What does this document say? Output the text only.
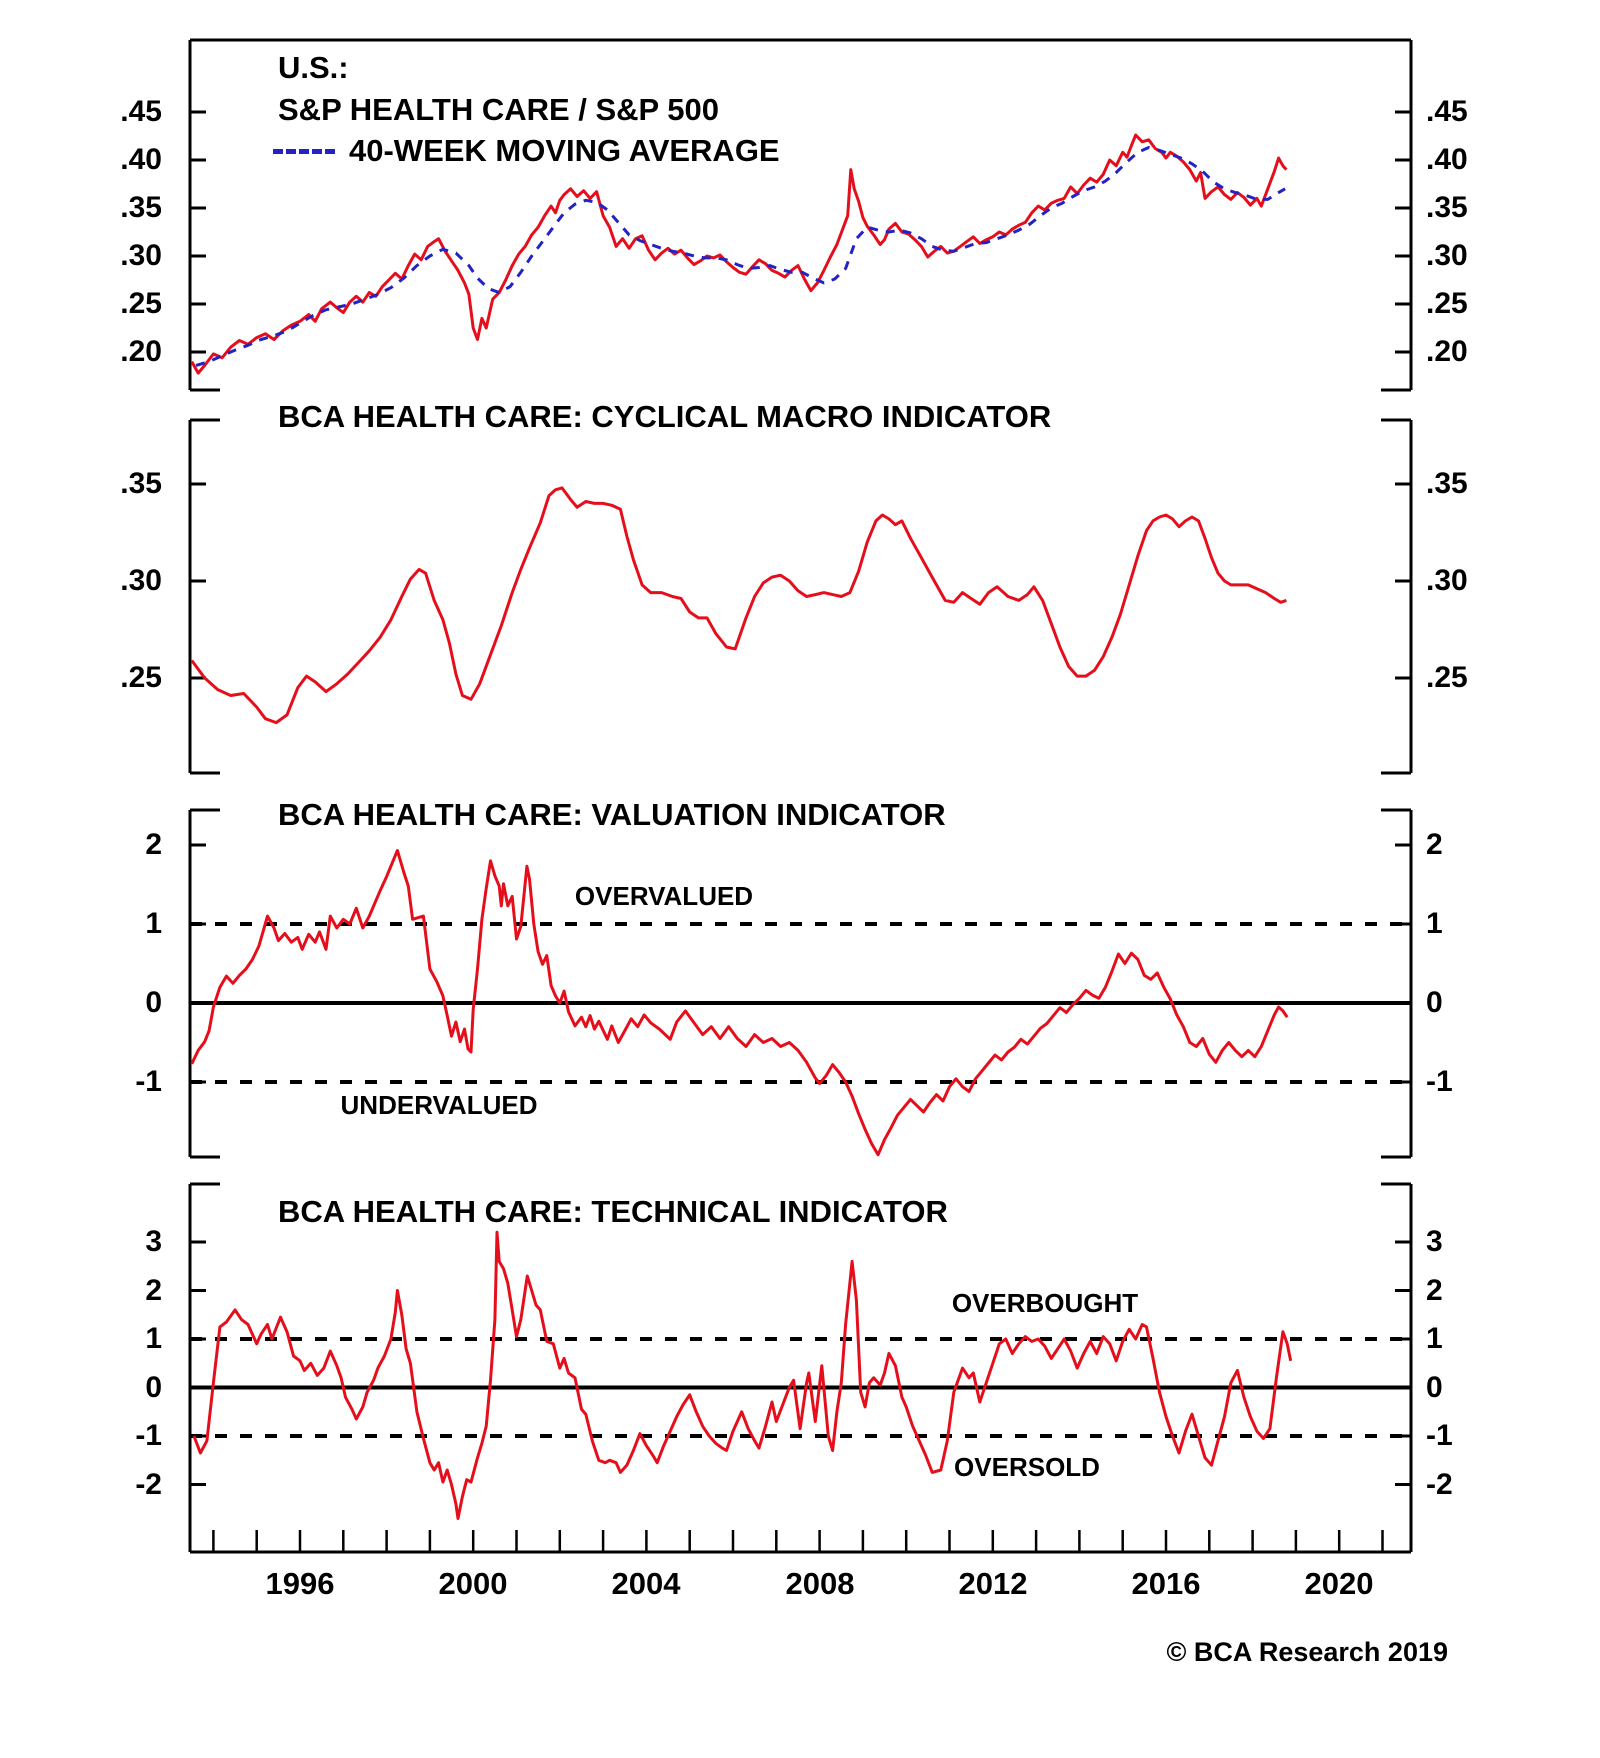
U.S.:
S&P HEALTH CARE / S&P 500
40-WEEK MOVING AVERAGE
BCA HEALTH CARE: CYCLICAL MACRO INDICATOR
BCA HEALTH CARE: VALUATION INDICATOR
BCA HEALTH CARE: TECHNICAL INDICATOR
© BCA Research 2019
.45	.45
.40	.40
.35	.35
.30	.30
.25	.25
.20	.20
.35	.35
.30	.30
.25	.25
2	2
1	1
0	0
-1	-1
OVERVALUED
UNDERVALUED
3	3
2	2
1	1
0	0
-1	-1
-2	-2
OVERBOUGHT
OVERSOLD
1996	2000	2004	2008	2012	2016	2020
